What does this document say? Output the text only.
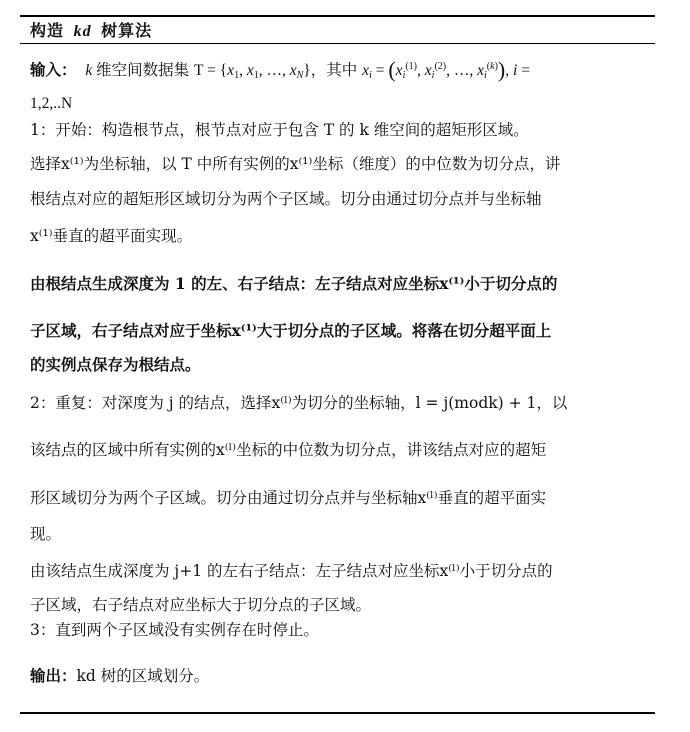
构造 kd 树算法
输入：  k 维空间数据集 $T = \{x_1$, $x_1$, …, $x_N$}，其中 $x_i = (x_i^{(1)}$, $x_i^{(2)}$, …, $x_i^{(k)}$), i =
1,2,..N
1：开始：构造根节点，根节点对应于包含 T 的 k 维空间的超矩形区域。
选择x⁽¹⁾为坐标轴，以 T 中所有实例的x⁽¹⁾坐标（维度）的中位数为切分点，讲
根结点对应的超矩形区域切分为两个子区域。切分由通过切分点并与坐标轴
x⁽¹⁾垂直的超平面实现。
由根结点生成深度为 1 的左、右子结点：左子结点对应坐标x⁽¹⁾小于切分点的
子区域，右子结点对应于坐标x⁽¹⁾大于切分点的子区域。将落在切分超平面上
的实例点保存为根结点。
2：重复：对深度为 j 的结点，选择x⁽ˡ⁾为切分的坐标轴，l = j(modk) + 1，以
该结点的区域中所有实例的x⁽ˡ⁾坐标的中位数为切分点，讲该结点对应的超矩
形区域切分为两个子区域。切分由通过切分点并与坐标轴x⁽ˡ⁾垂直的超平面实
现。
由该结点生成深度为 j+1 的左右子结点：左子结点对应坐标x⁽ˡ⁾小于切分点的
子区域，右子结点对应坐标大于切分点的子区域。
3：直到两个子区域没有实例存在时停止。
输出：kd 树的区域划分。
